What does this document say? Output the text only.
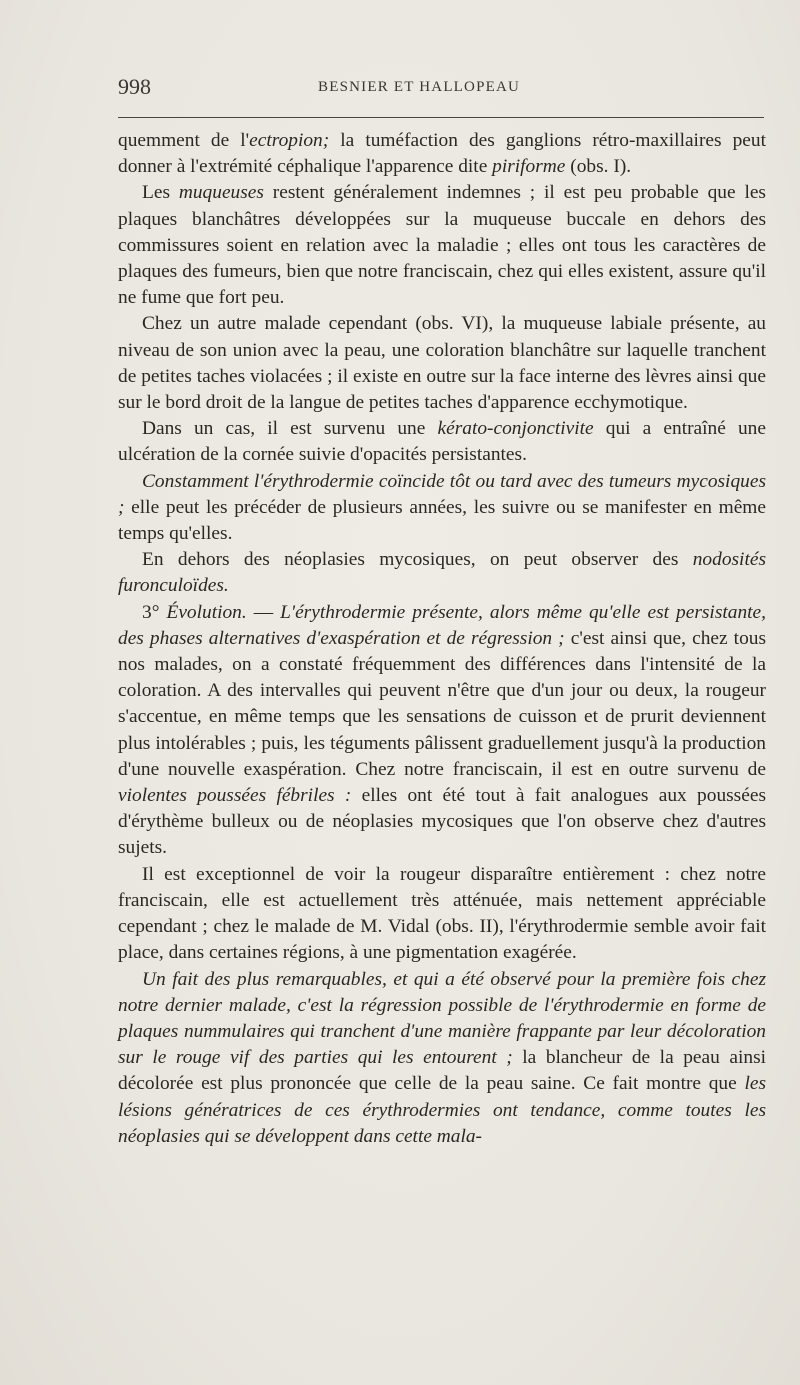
998	BESNIER ET HALLOPEAU

quemment de l'ectropion; la tuméfaction des ganglions rétro-maxillaires peut donner à l'extrémité céphalique l'apparence dite piriforme (obs. I).

Les muqueuses restent généralement indemnes ; il est peu probable que les plaques blanchâtres développées sur la muqueuse buccale en dehors des commissures soient en relation avec la maladie ; elles ont tous les caractères de plaques des fumeurs, bien que notre franciscain, chez qui elles existent, assure qu'il ne fume que fort peu.

Chez un autre malade cependant (obs. VI), la muqueuse labiale présente, au niveau de son union avec la peau, une coloration blanchâtre sur laquelle tranchent de petites taches violacées ; il existe en outre sur la face interne des lèvres ainsi que sur le bord droit de la langue de petites taches d'apparence ecchymotique.

Dans un cas, il est survenu une kérato-conjonctivite qui a entraîné une ulcération de la cornée suivie d'opacités persistantes.

Constamment l'érythrodermie coïncide tôt ou tard avec des tumeurs mycosiques ; elle peut les précéder de plusieurs années, les suivre ou se manifester en même temps qu'elles.

En dehors des néoplasies mycosiques, on peut observer des nodosités furonculoïdes.

3° Évolution. — L'érythrodermie présente, alors même qu'elle est persistante, des phases alternatives d'exaspération et de régression ; c'est ainsi que, chez tous nos malades, on a constaté fréquemment des différences dans l'intensité de la coloration. A des intervalles qui peuvent n'être que d'un jour ou deux, la rougeur s'accentue, en même temps que les sensations de cuisson et de prurit deviennent plus intolérables ; puis, les téguments pâlissent graduellement jusqu'à la production d'une nouvelle exaspération. Chez notre franciscain, il est en outre survenu de violentes poussées fébriles : elles ont été tout à fait analogues aux poussées d'érythème bulleux ou de néoplasies mycosiques que l'on observe chez d'autres sujets.

Il est exceptionnel de voir la rougeur disparaître entièrement : chez notre franciscain, elle est actuellement très atténuée, mais nettement appréciable cependant ; chez le malade de M. Vidal (obs. II), l'érythrodermie semble avoir fait place, dans certaines régions, à une pigmentation exagérée.

Un fait des plus remarquables, et qui a été observé pour la première fois chez notre dernier malade, c'est la régression possible de l'érythrodermie en forme de plaques nummulaires qui tranchent d'une manière frappante par leur décoloration sur le rouge vif des parties qui les entourent ; la blancheur de la peau ainsi décolorée est plus prononcée que celle de la peau saine. Ce fait montre que les lésions génératrices de ces érythrodermies ont tendance, comme toutes les néoplasies qui se développent dans cette mala-
